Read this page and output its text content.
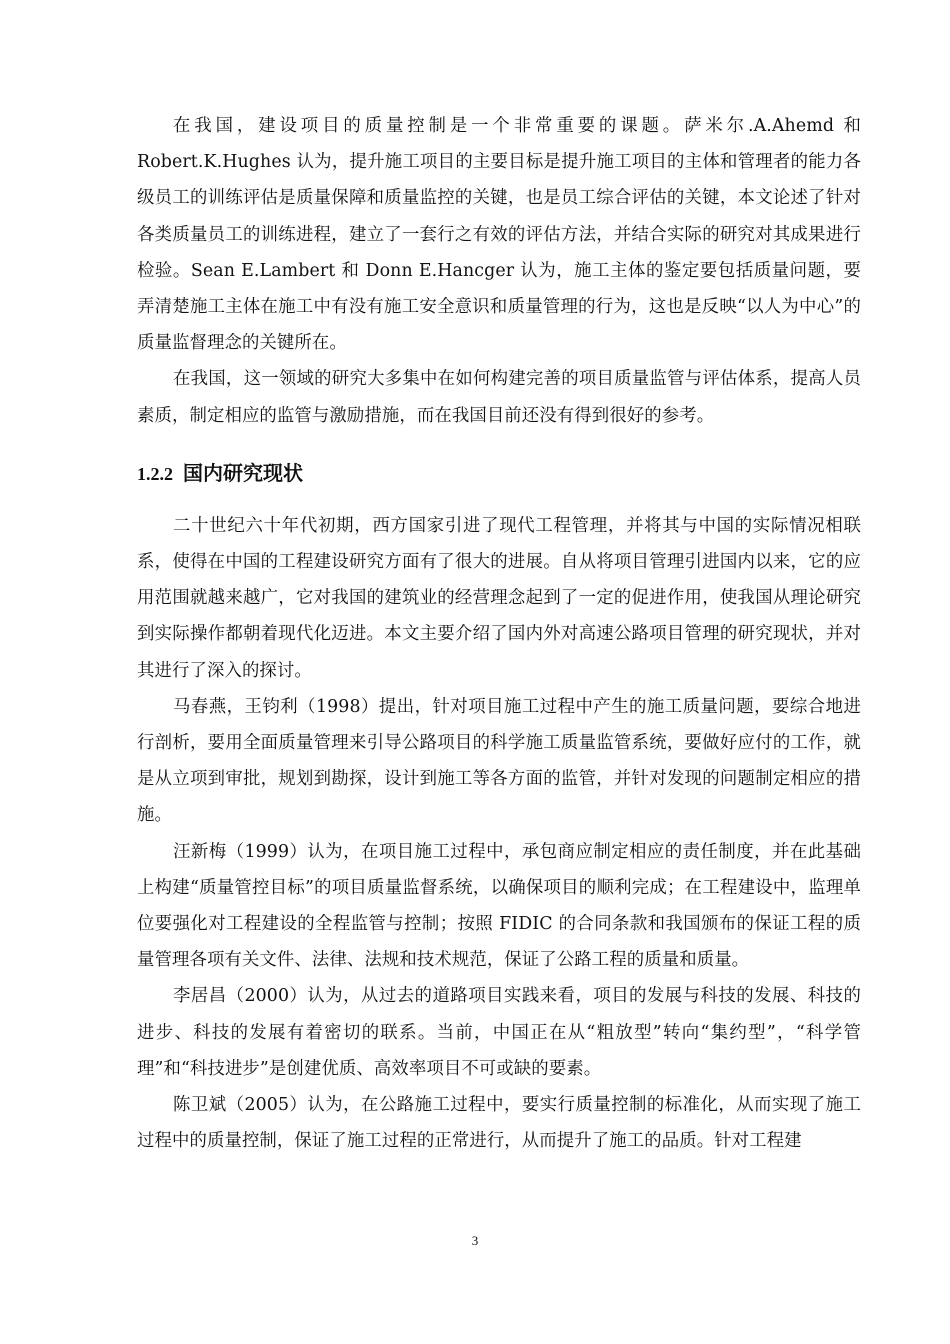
在我国，建设项目的质量控制是一个非常重要的课题。萨米尔.A.Ahemd 和Robert.K.Hughes 认为，提升施工项目的主要目标是提升施工项目的主体和管理者的能力各级员工的训练评估是质量保障和质量监控的关键，也是员工综合评估的关键，本文论述了针对各类质量员工的训练进程，建立了一套行之有效的评估方法，并结合实际的研究对其成果进行检验。Sean E.Lambert 和 Donn E.Hancger 认为，施工主体的鉴定要包括质量问题，要弄清楚施工主体在施工中有没有施工安全意识和质量管理的行为，这也是反映“以人为中心”的质量监督理念的关键所在。

在我国，这一领域的研究大多集中在如何构建完善的项目质量监管与评估体系，提高人员素质，制定相应的监管与激励措施，而在我国目前还没有得到很好的参考。

1.2.2 国内研究现状

二十世纪六十年代初期，西方国家引进了现代工程管理，并将其与中国的实际情况相联系，使得在中国的工程建设研究方面有了很大的进展。自从将项目管理引进国内以来，它的应用范围就越来越广，它对我国的建筑业的经营理念起到了一定的促进作用，使我国从理论研究到实际操作都朝着现代化迈进。本文主要介绍了国内外对高速公路项目管理的研究现状，并对其进行了深入的探讨。

马春燕，王钧利（1998）提出，针对项目施工过程中产生的施工质量问题，要综合地进行剖析，要用全面质量管理来引导公路项目的科学施工质量监管系统，要做好应付的工作，就是从立项到审批，规划到勘探，设计到施工等各方面的监管，并针对发现的问题制定相应的措施。

汪新梅（1999）认为，在项目施工过程中，承包商应制定相应的责任制度，并在此基础上构建“质量管控目标”的项目质量监督系统，以确保项目的顺利完成；在工程建设中，监理单位要强化对工程建设的全程监管与控制；按照 FIDIC 的合同条款和我国颁布的保证工程的质量管理各项有关文件、法律、法规和技术规范，保证了公路工程的质量和质量。

李居昌（2000）认为，从过去的道路项目实践来看，项目的发展与科技的发展、科技的进步、科技的发展有着密切的联系。当前，中国正在从“粗放型”转向“集约型”，“科学管理”和“科技进步”是创建优质、高效率项目不可或缺的要素。

陈卫斌（2005）认为，在公路施工过程中，要实行质量控制的标准化，从而实现了施工过程中的质量控制，保证了施工过程的正常进行，从而提升了施工的品质。针对工程建

3
